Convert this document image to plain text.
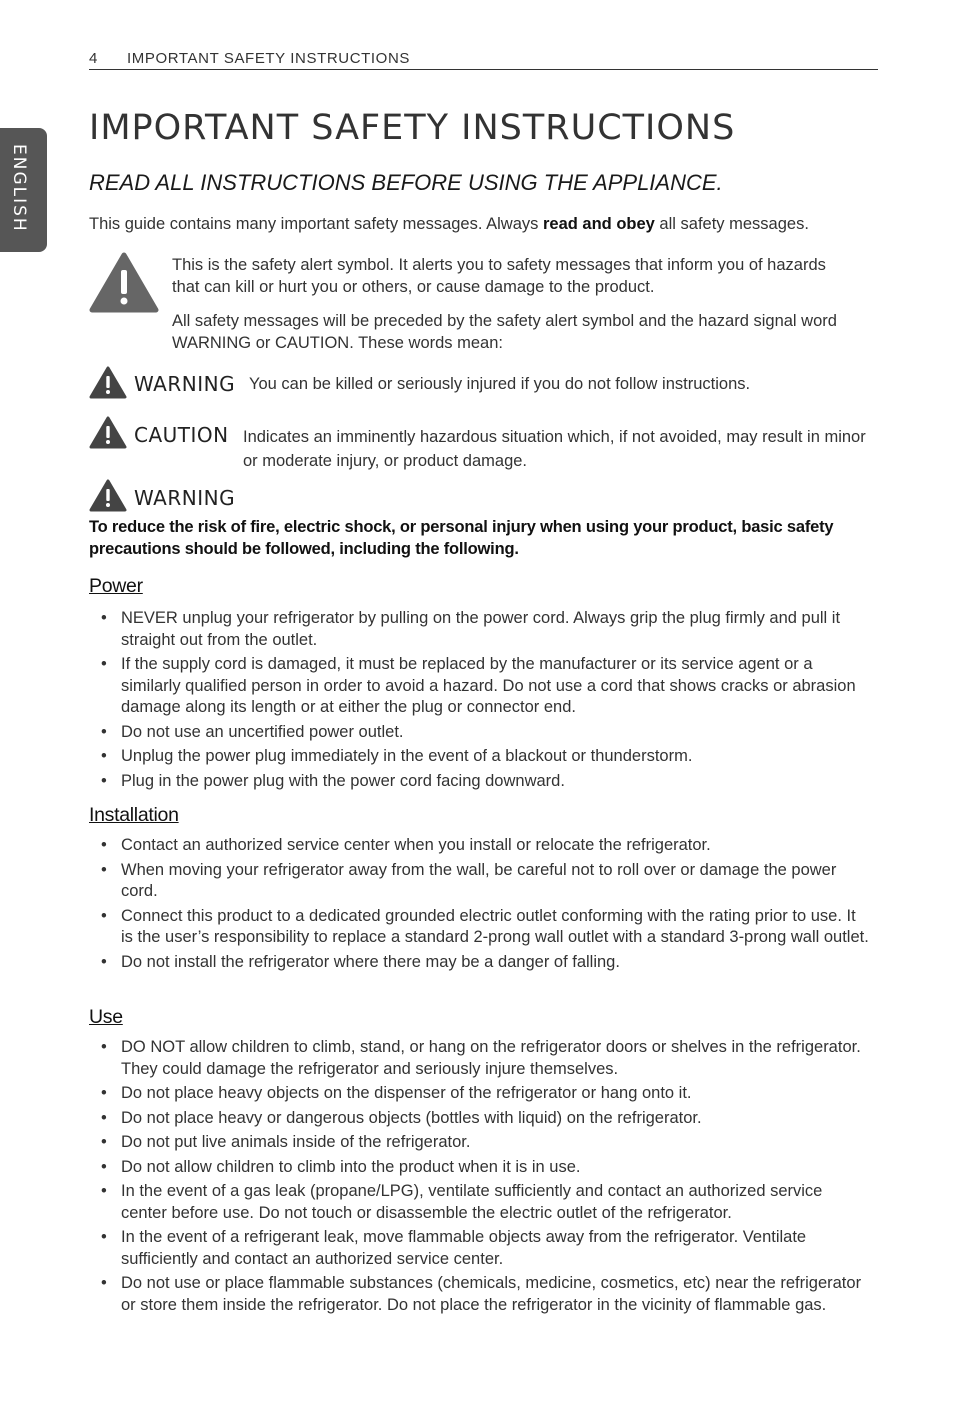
ENGLISH
4 IMPORTANT SAFETY INSTRUCTIONS
IMPORTANT SAFETY INSTRUCTIONS
READ ALL INSTRUCTIONS BEFORE USING THE APPLIANCE.
This guide contains many important safety messages. Always read and obey all safety messages.
This is the safety alert symbol. It alerts you to safety messages that inform you of hazards that can kill or hurt you or others, or cause damage to the product.
All safety messages will be preceded by the safety alert symbol and the hazard signal word WARNING or CAUTION. These words mean:
WARNING You can be killed or seriously injured if you do not follow instructions.
CAUTION Indicates an imminently hazardous situation which, if not avoided, may result in minor or moderate injury, or product damage.
WARNING
To reduce the risk of fire, electric shock, or personal injury when using your product, basic safety precautions should be followed, including the following.
Power
• NEVER unplug your refrigerator by pulling on the power cord. Always grip the plug firmly and pull it straight out from the outlet.
• If the supply cord is damaged, it must be replaced by the manufacturer or its service agent or a similarly qualified person in order to avoid a hazard. Do not use a cord that shows cracks or abrasion damage along its length or at either the plug or connector end.
• Do not use an uncertified power outlet.
• Unplug the power plug immediately in the event of a blackout or thunderstorm.
• Plug in the power plug with the power cord facing downward.
Installation
• Contact an authorized service center when you install or relocate the refrigerator.
• When moving your refrigerator away from the wall, be careful not to roll over or damage the power cord.
• Connect this product to a dedicated grounded electric outlet conforming with the rating prior to use. It is the user’s responsibility to replace a standard 2-prong wall outlet with a standard 3-prong wall outlet.
• Do not install the refrigerator where there may be a danger of falling.
Use
• DO NOT allow children to climb, stand, or hang on the refrigerator doors or shelves in the refrigerator. They could damage the refrigerator and seriously injure themselves.
• Do not place heavy objects on the dispenser of the refrigerator or hang onto it.
• Do not place heavy or dangerous objects (bottles with liquid) on the refrigerator.
• Do not put live animals inside of the refrigerator.
• Do not allow children to climb into the product when it is in use.
• In the event of a gas leak (propane/LPG), ventilate sufficiently and contact an authorized service center before use. Do not touch or disassemble the electric outlet of the refrigerator.
• In the event of a refrigerant leak, move flammable objects away from the refrigerator. Ventilate sufficiently and contact an authorized service center.
• Do not use or place flammable substances (chemicals, medicine, cosmetics, etc) near the refrigerator or store them inside the refrigerator. Do not place the refrigerator in the vicinity of flammable gas.
